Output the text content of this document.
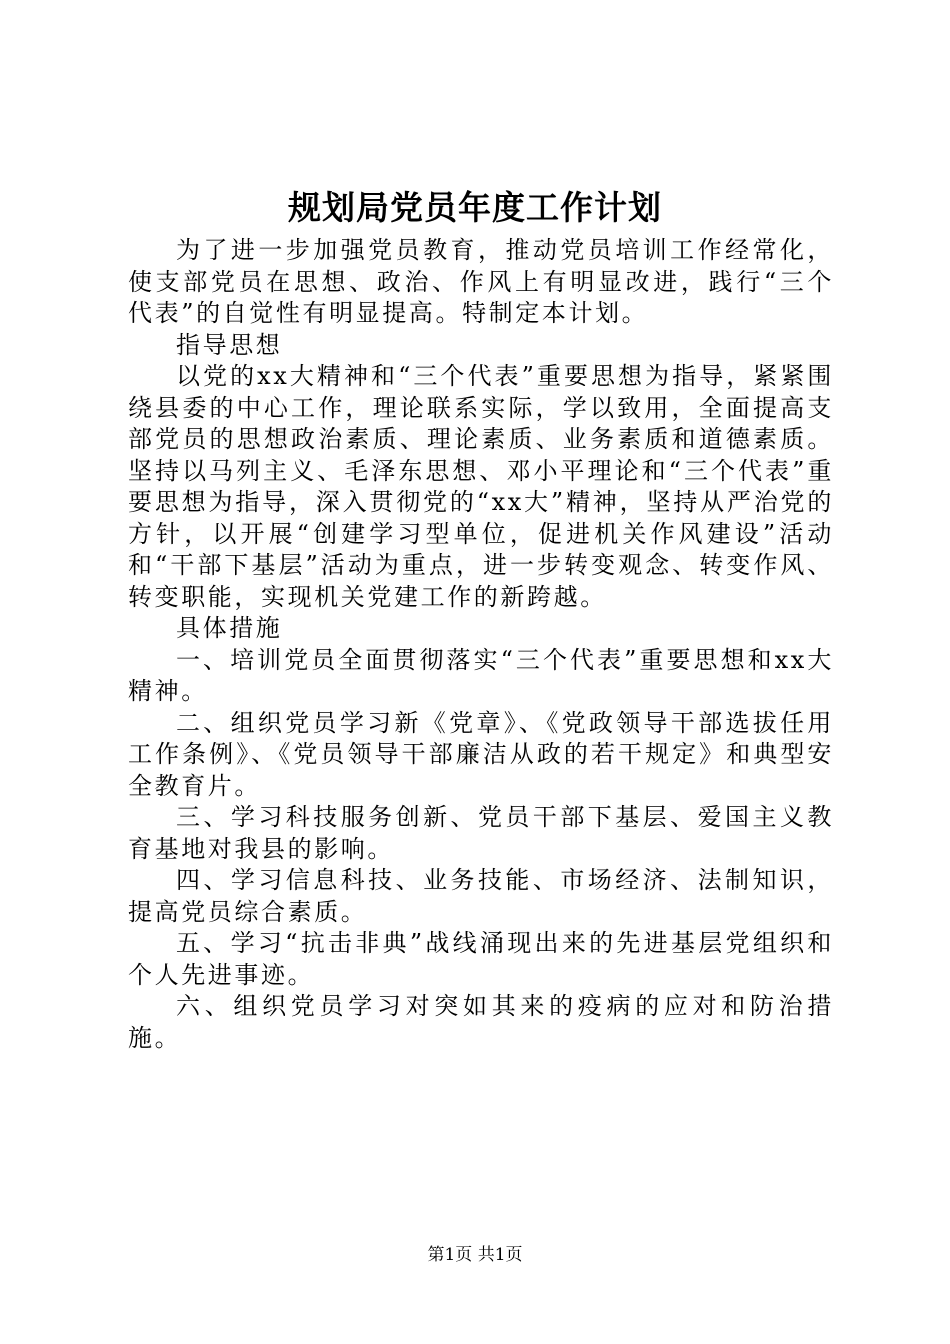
规划局党员年度工作计划

为了进一步加强党员教育，推动党员培训工作经常化，使支部党员在思想、政治、作风上有明显改进，践行“三个代表”的自觉性有明显提高。特制定本计划。

指导思想

以党的xx大精神和“三个代表”重要思想为指导，紧紧围绕县委的中心工作，理论联系实际，学以致用，全面提高支部党员的思想政治素质、理论素质、业务素质和道德素质。坚持以马列主义、毛泽东思想、邓小平理论和“三个代表”重要思想为指导，深入贯彻党的“xx大”精神，坚持从严治党的方针，以开展“创建学习型单位，促进机关作风建设”活动和“干部下基层”活动为重点，进一步转变观念、转变作风、转变职能，实现机关党建工作的新跨越。

具体措施

一、培训党员全面贯彻落实“三个代表”重要思想和xx大精神。

二、组织党员学习新《党章》、《党政领导干部选拔任用工作条例》、《党员领导干部廉洁从政的若干规定》和典型安全教育片。

三、学习科技服务创新、党员干部下基层、爱国主义教育基地对我县的影响。

四、学习信息科技、业务技能、市场经济、法制知识，提高党员综合素质。

五、学习“抗击非典”战线涌现出来的先进基层党组织和个人先进事迹。

六、组织党员学习对突如其来的疫病的应对和防治措施。

第1页 共1页
